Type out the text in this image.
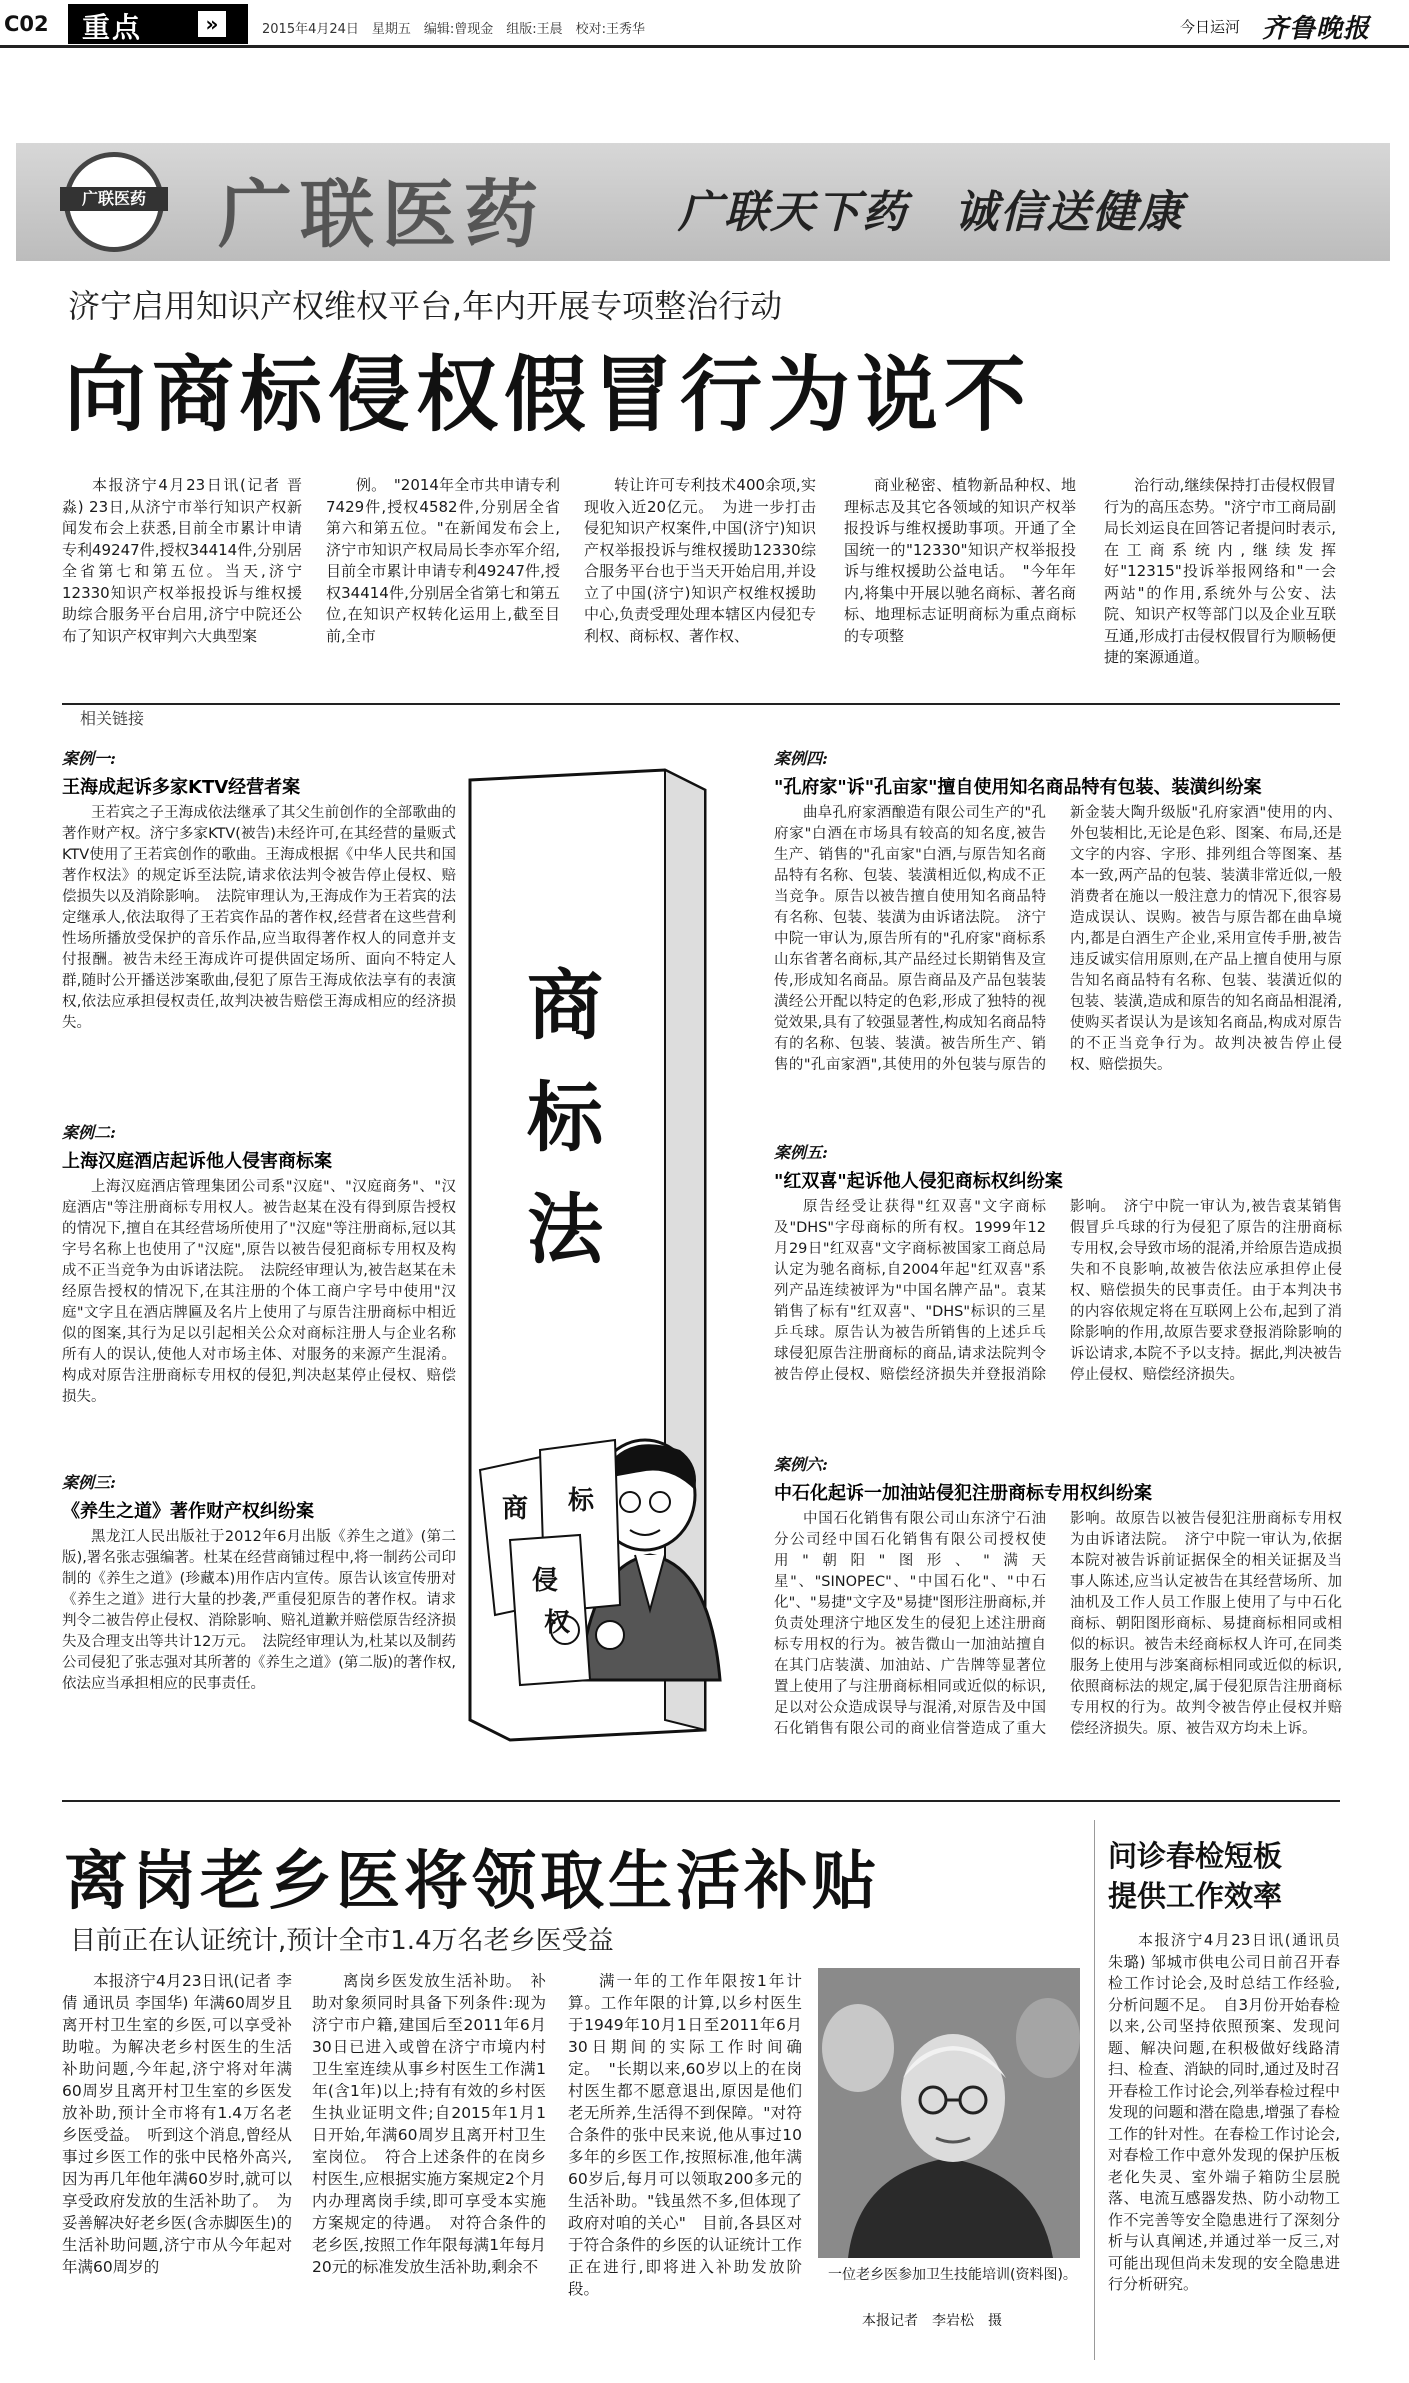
C02 重点	»	2015年4月24日　星期五　编辑:曾现金　组版:王晨　校对:王秀华	今日运河 齐鲁晚报
广联医药 广联医药	广联天下药　诚信送健康
济宁启用知识产权维权平台,年内开展专项整治行动
向商标侵权假冒行为说不

本报济宁4月23日讯(记者 晋淼) 23日,从济宁市举行知识产权新闻发布会上获悉,目前全市累计申请专利49247件,授权34414件,分别居全省第七和第五位。当天,济宁12330知识产权举报投诉与维权援助综合服务平台启用,济宁中院还公布了知识产权审判六大典型案

例。　"2014年全市共申请专利7429件,授权4582件,分别居全省第六和第五位。"在新闻发布会上,济宁市知识产权局局长李亦军介绍,目前全市累计申请专利49247件,授权34414件,分别居全省第七和第五位,在知识产权转化运用上,截至目前,全市

转让许可专利技术400余项,实现收入近20亿元。　为进一步打击侵犯知识产权案件,中国(济宁)知识产权举报投诉与维权援助12330综合服务平台也于当天开始启用,并设立了中国(济宁)知识产权维权援助中心,负责受理处理本辖区内侵犯专利权、商标权、著作权、

商业秘密、植物新品种权、地理标志及其它各领域的知识产权举报投诉与维权援助事项。开通了全国统一的"12330"知识产权举报投诉与维权援助公益电话。　"今年年内,将集中开展以驰名商标、著名商标、地理标志证明商标为重点商标的专项整

治行动,继续保持打击侵权假冒行为的高压态势。"济宁市工商局副局长刘运良在回答记者提问时表示,在工商系统内,继续发挥好"12315"投诉举报网络和"一会两站"的作用,系统外与公安、法院、知识产权等部门以及企业互联互通,形成打击侵权假冒行为顺畅便捷的案源通道。

相关链接
案例一:
王海成起诉多家KTV经营者案

王若宾之子王海成依法继承了其父生前创作的全部歌曲的著作财产权。济宁多家KTV(被告)未经许可,在其经营的量贩式KTV使用了王若宾创作的歌曲。王海成根据《中华人民共和国著作权法》的规定诉至法院,请求依法判令被告停止侵权、赔偿损失以及消除影响。　法院审理认为,王海成作为王若宾的法定继承人,依法取得了王若宾作品的著作权,经营者在这些营利性场所播放受保护的音乐作品,应当取得著作权人的同意并支付报酬。被告未经王海成许可提供固定场所、面向不特定人群,随时公开播送涉案歌曲,侵犯了原告王海成依法享有的表演权,依法应承担侵权责任,故判决被告赔偿王海成相应的经济损失。

案例二:
上海汉庭酒店起诉他人侵害商标案

上海汉庭酒店管理集团公司系"汉庭"、"汉庭商务"、"汉庭酒店"等注册商标专用权人。被告赵某在没有得到原告授权的情况下,擅自在其经营场所使用了"汉庭"等注册商标,冠以其字号名称上也使用了"汉庭",原告以被告侵犯商标专用权及构成不正当竞争为由诉诸法院。　法院经审理认为,被告赵某在未经原告授权的情况下,在其注册的个体工商户字号中使用"汉庭"文字且在酒店牌匾及名片上使用了与原告注册商标中相近似的图案,其行为足以引起相关公众对商标注册人与企业名称所有人的误认,使他人对市场主体、对服务的来源产生混淆。构成对原告注册商标专用权的侵犯,判决赵某停止侵权、赔偿损失。

案例三:
《养生之道》著作财产权纠纷案

黑龙江人民出版社于2012年6月出版《养生之道》(第二版),署名张志强编著。杜某在经营商铺过程中,将一制药公司印制的《养生之道》(珍藏本)用作店内宣传。原告认该宣传册对《养生之道》进行大量的抄袭,严重侵犯原告的著作权。请求判令二被告停止侵权、消除影响、赔礼道歉并赔偿原告经济损失及合理支出等共计12万元。　法院经审理认为,杜某以及制药公司侵犯了张志强对其所著的《养生之道》(第二版)的著作权,依法应当承担相应的民事责任。

商标法
商 标
侵
权
案例四:
"孔府家"诉"孔亩家"擅自使用知名商品特有包装、装潢纠纷案

曲阜孔府家酒酿造有限公司生产的"孔府家"白酒在市场具有较高的知名度,被告生产、销售的"孔亩家"白酒,与原告知名商品特有名称、包装、装潢相近似,构成不正当竞争。原告以被告擅自使用知名商品特有名称、包装、装潢为由诉诸法院。　济宁中院一审认为,原告所有的"孔府家"商标系山东省著名商标,其产品经过长期销售及宣传,形成知名商品。原告商品及产品包装装潢经公开配以特定的色彩,形成了独特的视觉效果,具有了较强显著性,构成知名商品特有的名称、包装、装潢。被告所生产、销售的"孔亩家酒",其使用的外包装与原告的新金装大陶升级版"孔府家酒"使用的内、外包装相比,无论是色彩、图案、布局,还是文字的内容、字形、排列组合等图案、基本一致,两产品的包装、装潢非常近似,一般消费者在施以一般注意力的情况下,很容易造成误认、误购。被告与原告都在曲阜境内,都是白酒生产企业,采用宣传手册,被告违反诚实信用原则,在产品上擅自使用与原告知名商品特有名称、包装、装潢近似的包装、装潢,造成和原告的知名商品相混淆,使购买者误认为是该知名商品,构成对原告的不正当竞争行为。故判决被告停止侵权、赔偿损失。

案例五:
"红双喜"起诉他人侵犯商标权纠纷案

原告经受让获得"红双喜"文字商标及"DHS"字母商标的所有权。1999年12月29日"红双喜"文字商标被国家工商总局认定为驰名商标,自2004年起"红双喜"系列产品连续被评为"中国名牌产品"。袁某销售了标有"红双喜"、"DHS"标识的三星乒乓球。原告认为被告所销售的上述乒乓球侵犯原告注册商标的商品,请求法院判令被告停止侵权、赔偿经济损失并登报消除影响。　济宁中院一审认为,被告袁某销售假冒乒乓球的行为侵犯了原告的注册商标专用权,会导致市场的混淆,并给原告造成损失和不良影响,故被告依法应承担停止侵权、赔偿损失的民事责任。由于本判决书的内容依规定将在互联网上公布,起到了消除影响的作用,故原告要求登报消除影响的诉讼请求,本院不予以支持。据此,判决被告停止侵权、赔偿经济损失。

案例六:
中石化起诉一加油站侵犯注册商标专用权纠纷案

中国石化销售有限公司山东济宁石油分公司经中国石化销售有限公司授权使用"朝阳"图形、"满天星"、"SINOPEC"、"中国石化"、"中石化"、"易捷"文字及"易捷"图形注册商标,并负责处理济宁地区发生的侵犯上述注册商标专用权的行为。被告微山一加油站擅自在其门店装潢、加油站、广告牌等显著位置上使用了与注册商标相同或近似的标识,足以对公众造成误导与混淆,对原告及中国石化销售有限公司的商业信誉造成了重大影响。故原告以被告侵犯注册商标专用权为由诉诸法院。　济宁中院一审认为,依据本院对被告诉前证据保全的相关证据及当事人陈述,应当认定被告在其经营场所、加油机及工作人员工作服上使用了与中石化商标、朝阳图形商标、易捷商标相同或相似的标识。被告未经商标权人许可,在同类服务上使用与涉案商标相同或近似的标识,依照商标法的规定,属于侵犯原告注册商标专用权的行为。故判令被告停止侵权并赔偿经济损失。原、被告双方均未上诉。

离岗老乡医将领取生活补贴
目前正在认证统计,预计全市1.4万名老乡医受益

本报济宁4月23日讯(记者 李倩 通讯员 李国华) 年满60周岁且离开村卫生室的乡医,可以享受补助啦。为解决老乡村医生的生活补助问题,今年起,济宁将对年满60周岁且离开村卫生室的乡医发放补助,预计全市将有1.4万名老乡医受益。　听到这个消息,曾经从事过乡医工作的张中民格外高兴,因为再几年他年满60岁时,就可以享受政府发放的生活补助了。　为妥善解决好老乡医(含赤脚医生)的生活补助问题,济宁市从今年起对年满60周岁的

离岗乡医发放生活补助。　补助对象须同时具备下列条件:现为济宁市户籍,建国后至2011年6月30日已进入或曾在济宁市境内村卫生室连续从事乡村医生工作满1年(含1年)以上;持有有效的乡村医生执业证明文件;自2015年1月1日开始,年满60周岁且离开村卫生室岗位。　符合上述条件的在岗乡村医生,应根据实施方案规定2个月内办理离岗手续,即可享受本实施方案规定的待遇。　对符合条件的老乡医,按照工作年限每满1年每月20元的标准发放生活补助,剩余不

满一年的工作年限按1年计算。工作年限的计算,以乡村医生于1949年10月1日至2011年6月30日期间的实际工作时间确定。　"长期以来,60岁以上的在岗村医生都不愿意退出,原因是他们老无所养,生活得不到保障。"对符合条件的张中民来说,他从事过10多年的乡医工作,按照标准,他年满60岁后,每月可以领取200多元的生活补助。"钱虽然不多,但体现了政府对咱的关心"　目前,各县区对于符合条件的乡医的认证统计工作正在进行,即将进入补助发放阶段。

一位老乡医参加卫生技能培训(资料图)。
本报记者　李岩松　摄
问诊春检短板
提供工作效率

本报济宁4月23日讯(通讯员 朱璐) 邹城市供电公司日前召开春检工作讨论会,及时总结工作经验,分析问题不足。　自3月份开始春检以来,公司坚持依照预案、发现问题、解决问题,在积极做好线路清扫、检查、消缺的同时,通过及时召开春检工作讨论会,列举春检过程中发现的问题和潜在隐患,增强了春检工作的针对性。在春检工作讨论会,对春检工作中意外发现的保护压板老化失灵、室外端子箱防尘层脱落、电流互感器发热、防小动物工作不完善等安全隐患进行了深刻分析与认真阐述,并通过举一反三,对可能出现但尚未发现的安全隐患进行分析研究。
